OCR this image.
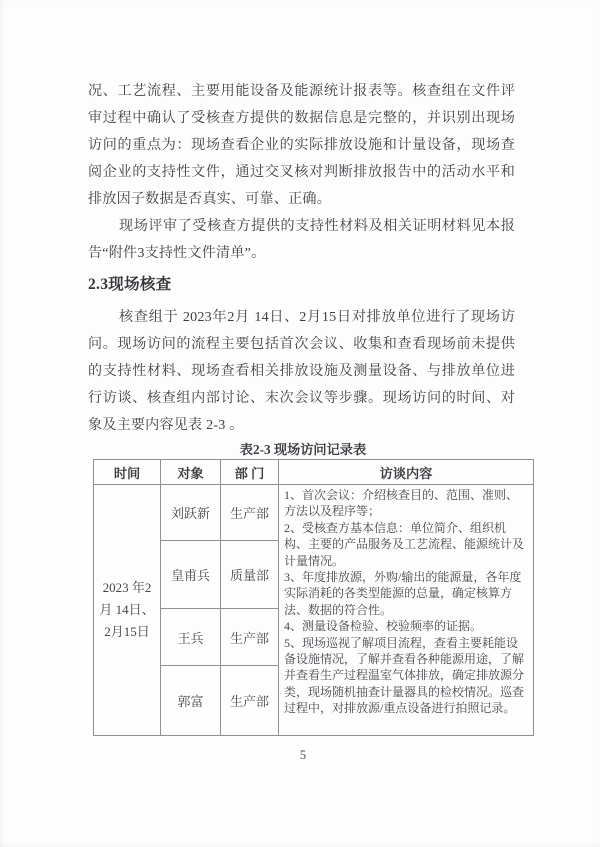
况、工艺流程、主要用能设备及能源统计报表等。核查组在文件评审过程中确认了受核查方提供的数据信息是完整的，并识别出现场访问的重点为：现场查看企业的实际排放设施和计量设备，现场查阅企业的支持性文件，通过交叉核对判断排放报告中的活动水平和排放因子数据是否真实、可靠、正确。

现场评审了受核查方提供的支持性材料及相关证明材料见本报告“附件3支持性文件清单”。

2.3现场核查

核查组于 2023年2月 14日、2月15日对排放单位进行了现场访问。现场访问的流程主要包括首次会议、收集和查看现场前未提供的支持性材料、现场查看相关排放设施及测量设备、与排放单位进行访谈、核查组内部讨论、末次会议等步骤。现场访问的时间、对象及主要内容见表 2-3 。

表2-3 现场访问记录表
时间	对象	部 门	访谈内容
2023 年2月 14日、2月15日	刘跃新	生产部	1、首次会议：介绍核查目的、范围、准则、方法以及程序等；
2、受核查方基本信息：单位简介、组织机构、主要的产品服务及工艺流程、能源统计及计量情况。
3、年度排放源，外购/输出的能源量，各年度实际消耗的各类型能源的总量，确定核算方法、数据的符合性。
4、测量设备检验、校验频率的证据。
5、现场巡视了解项目流程，查看主要耗能设备设施情况，了解并查看各种能源用途，了解并查看生产过程温室气体排放，确定排放源分类，现场随机抽查计量器具的检校情况。巡查过程中，对排放源/重点设备进行拍照记录。

	皇甫兵	质量部	
	王兵	生产部	
	郭富	生产部	
5
